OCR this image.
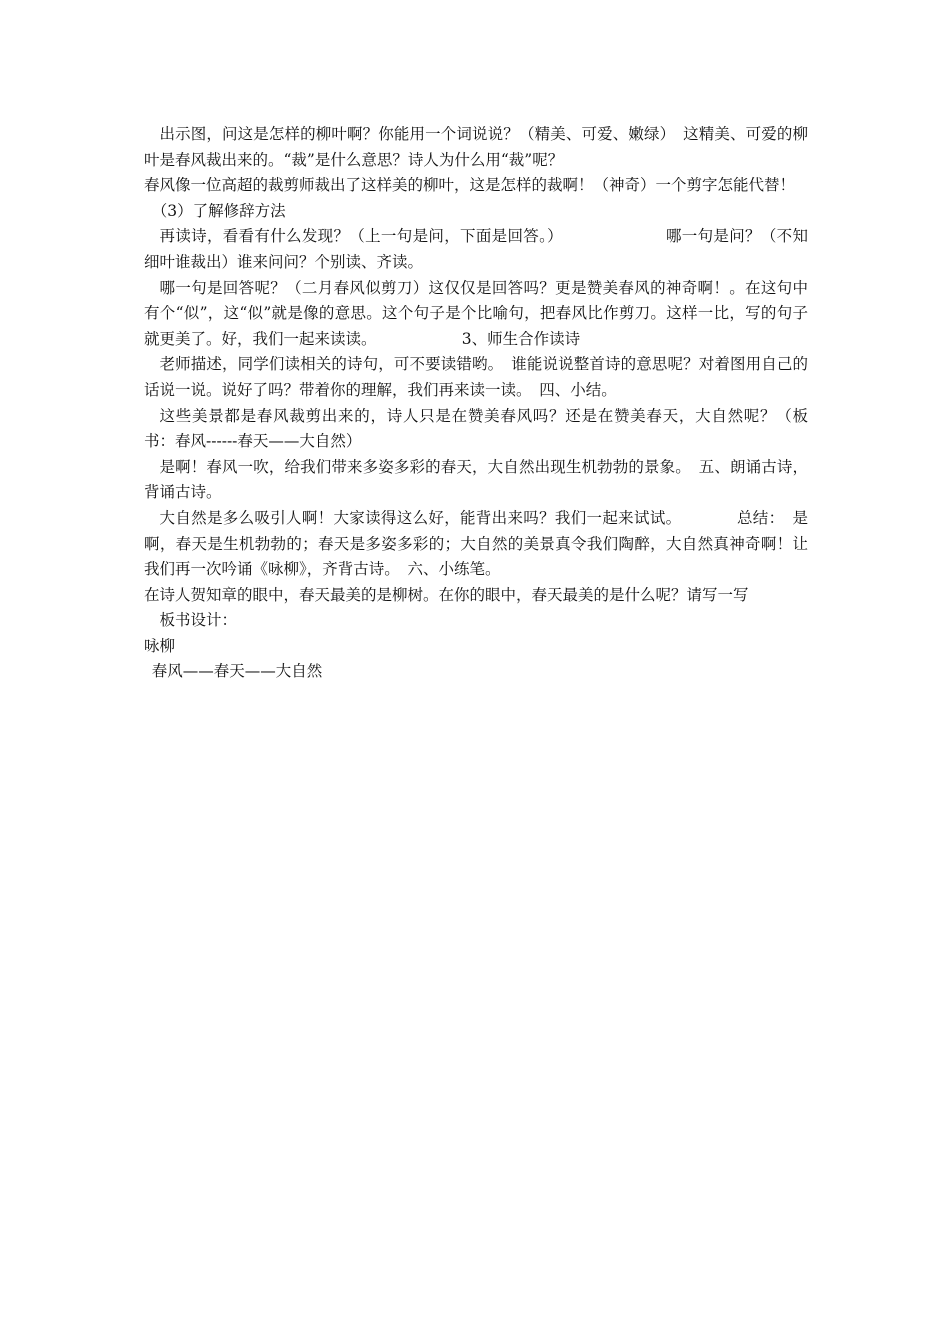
出示图，问这是怎样的柳叶啊？你能用一个词说说？（精美、可爱、嫩绿）　这精美、可爱的柳叶是春风裁出来的。“裁”是什么意思？诗人为什么用“裁”呢？

春风像一位高超的裁剪师裁出了这样美的柳叶，这是怎样的裁啊！（神奇）一个剪字怎能代替！

（3）了解修辞方法

再读诗，看看有什么发现？（上一句是问，下面是回答。）　　　　　　　哪一句是问？（不知细叶谁裁出）谁来问问？个别读、齐读。

哪一句是回答呢？（二月春风似剪刀）这仅仅是回答吗？更是赞美春风的神奇啊！。在这句中有个“似”，这“似”就是像的意思。这个句子是个比喻句，把春风比作剪刀。这样一比，写的句子就更美了。好，我们一起来读读。　　　　　　3、师生合作读诗

老师描述，同学们读相关的诗句，可不要读错哟。　谁能说说整首诗的意思呢？对着图用自己的话说一说。说好了吗？带着你的理解，我们再来读一读。　四、小结。

这些美景都是春风裁剪出来的，诗人只是在赞美春风吗？还是在赞美春天，大自然呢？（板书：春风------春天——大自然）

是啊！春风一吹，给我们带来多姿多彩的春天，大自然出现生机勃勃的景象。　五、朗诵古诗，背诵古诗。

大自然是多么吸引人啊！大家读得这么好，能背出来吗？我们一起来试试。　　　　总结：　是啊，春天是生机勃勃的；春天是多姿多彩的；大自然的美景真令我们陶醉，大自然真神奇啊！让我们再一次吟诵《咏柳》，齐背古诗。　六、小练笔。

在诗人贺知章的眼中，春天最美的是柳树。在你的眼中，春天最美的是什么呢？请写一写

板书设计：

咏柳

春风——春天——大自然
